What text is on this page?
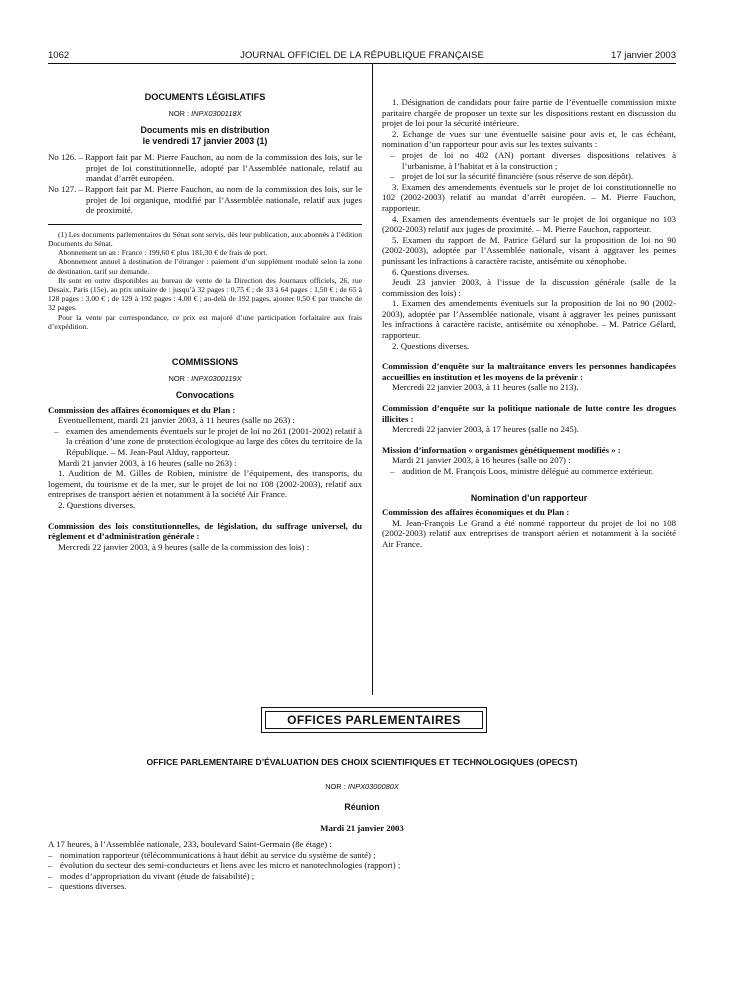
1062	JOURNAL OFFICIEL DE LA RÉPUBLIQUE FRANÇAISE	17 janvier 2003

DOCUMENTS LÉGISLATIFS

NOR : INPX0300118X

Documents mis en distribution
le vendredi 17 janvier 2003 (1)

No 126. – Rapport fait par M. Pierre Fauchon, au nom de la commission des lois, sur le projet de loi constitutionnelle, adopté par l’Assemblée nationale, relatif au mandat d’arrêt européen.
No 127. – Rapport fait par M. Pierre Fauchon, au nom de la commission des lois, sur le projet de loi organique, modifié par l’Assemblée nationale, relatif aux juges de proximité.

(1) Les documents parlementaires du Sénat sont servis, dès leur publication, aux abonnés à l’édition Documents du Sénat.

Abonnement un an : France : 199,60 € plus 181,30 € de frais de port.

Abonnement annuel à destination de l’étranger : paiement d’un supplément modulé selon la zone de destination, tarif sur demande.

Ils sont en outre disponibles au bureau de vente de la Direction des Journaux officiels, 26, rue Desaix, Paris (15e), au prix unitaire de : jusqu’à 32 pages : 0,75 € ; de 33 à 64 pages : 1,50 € ; de 65 à 128 pages : 3,00 € ; de 129 à 192 pages : 4,00 € ; au-delà de 192 pages, ajouter 0,50 € par tranche de 32 pages.

Pour la vente par correspondance, ce prix est majoré d’une participation forfaitaire aux frais d’expédition.

COMMISSIONS

NOR : INPX0300119X

Convocations

Commission des affaires économiques et du Plan :

Eventuellement, mardi 21 janvier 2003, à 11 heures (salle no 263) :

– examen des amendements éventuels sur le projet de loi no 261 (2001-2002) relatif à la création d’une zone de protection écologique au large des côtes du territoire de la République. – M. Jean-Paul Alduy, rapporteur.

Mardi 21 janvier 2003, à 16 heures (salle no 263) :

1. Audition de M. Gilles de Robien, ministre de l’équipement, des transports, du logement, du tourisme et de la mer, sur le projet de loi no 108 (2002-2003), relatif aux entreprises de transport aérien et notamment à la société Air France.

2. Questions diverses.

Commission des lois constitutionnelles, de législation, du suffrage universel, du règlement et d’administration générale :

Mercredi 22 janvier 2003, à 9 heures (salle de la commission des lois) :

1. Désignation de candidats pour faire partie de l’éventuelle commission mixte paritaire chargée de proposer un texte sur les dispositions restant en discussion du projet de loi pour la sécurité intérieure.

2. Echange de vues sur une éventuelle saisine pour avis et, le cas échéant, nomination d’un rapporteur pour avis sur les textes suivants :

– projet de loi no 402 (AN) portant diverses dispositions relatives à l’urbanisme, à l’habitat et à la construction ;
– projet de loi sur la sécurité financière (sous réserve de son dépôt).

3. Examen des amendements éventuels sur le projet de loi constitutionnelle no 102 (2002-2003) relatif au mandat d’arrêt européen. – M. Pierre Fauchon, rapporteur.

4. Examen des amendements éventuels sur le projet de loi organique no 103 (2002-2003) relatif aux juges de proximité. – M. Pierre Fauchon, rapporteur.

5. Examen du rapport de M. Patrice Gélard sur la proposition de loi no 90 (2002-2003), adoptée par l’Assemblée nationale, visant à aggraver les peines punissant les infractions à caractère raciste, antisémite ou xénophobe.

6. Questions diverses.

Jeudi 23 janvier 2003, à l’issue de la discussion générale (salle de la commission des lois) :

1. Examen des amendements éventuels sur la proposition de loi no 90 (2002-2003), adoptée par l’Assemblée nationale, visant à aggraver les peines punissant les infractions à caractère raciste, antisémite ou xénophobe. – M. Patrice Gélard, rapporteur.

2. Questions diverses.

Commission d’enquête sur la maltraitance envers les personnes handicapées accueillies en institution et les moyens de la prévenir :

Mercredi 22 janvier 2003, à 11 heures (salle no 213).

Commission d’enquête sur la politique nationale de lutte contre les drogues illicites :

Mercredi 22 janvier 2003, à 17 heures (salle no 245).

Mission d’information « organismes génétiquement modifiés » :

Mardi 21 janvier 2003, à 16 heures (salle no 207) :

– audition de M. François Loos, ministre délégué au commerce extérieur.

Nomination d’un rapporteur

Commission des affaires économiques et du Plan :

M. Jean-François Le Grand a été nommé rapporteur du projet de loi no 108 (2002-2003) relatif aux entreprises de transport aérien et notamment à la société Air France.

OFFICES PARLEMENTAIRES

OFFICE PARLEMENTAIRE D’ÉVALUATION DES CHOIX SCIENTIFIQUES ET TECHNOLOGIQUES (OPECST)

NOR : INPX0300080X

Réunion

Mardi 21 janvier 2003

A 17 heures, à l’Assemblée nationale, 233, boulevard Saint-Germain (8e étage) :

– nomination rapporteur (télécommunications à haut débit au service du système de santé) ;
– évolution du secteur des semi-conducteurs et liens avec les micro et nanotechnologies (rapport) ;
– modes d’appropriation du vivant (étude de faisabilité) ;
– questions diverses.
